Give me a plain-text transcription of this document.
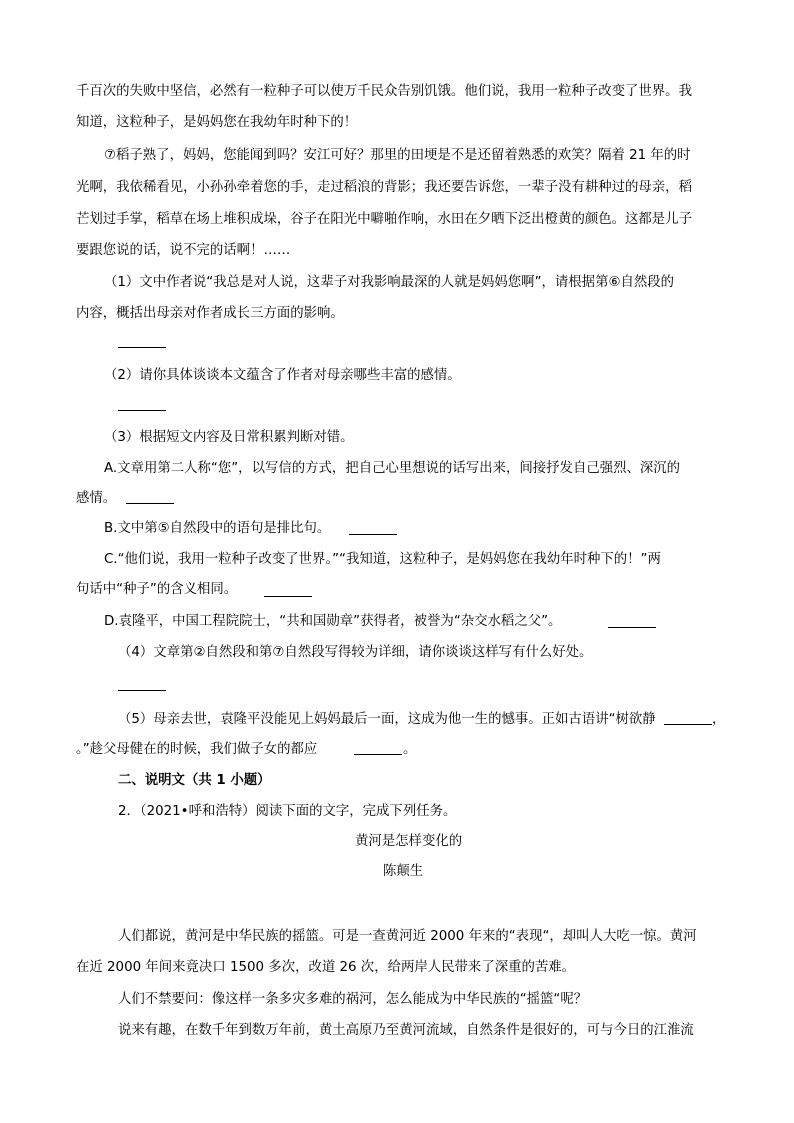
千百次的失败中坚信，必然有一粒种子可以使万千民众告别饥饿。他们说，我用一粒种子改变了世界。我
知道，这粒种子，是妈妈您在我幼年时种下的！
⑦稻子熟了，妈妈，您能闻到吗？安江可好？那里的田埂是不是还留着熟悉的欢笑？隔着 21 年的时
光啊，我依稀看见，小孙孙牵着您的手，走过稻浪的背影；我还要告诉您，一辈子没有耕种过的母亲，稻
芒划过手掌，稻草在场上堆积成垛，谷子在阳光中噼啪作响，水田在夕晒下泛出橙黄的颜色。这都是儿子
要跟您说的话，说不完的话啊！……
（1）文中作者说“我总是对人说，这辈子对我影响最深的人就是妈妈您啊”，请根据第⑥自然段的
内容，概括出母亲对作者成长三方面的影响。
（2）请你具体谈谈本文蕴含了作者对母亲哪些丰富的感情。
（3）根据短文内容及日常积累判断对错。
A.文章用第二人称“您”，以写信的方式，把自己心里想说的话写出来，间接抒发自己强烈、深沉的
感情。
B.文中第⑤自然段中的语句是排比句。
C.“他们说，我用一粒种子改变了世界。”“我知道，这粒种子，是妈妈您在我幼年时种下的！”两
句话中“种子”的含义相同。
D.袁隆平，中国工程院院士，“共和国勋章”获得者，被誉为“杂交水稻之父”。
（4）文章第②自然段和第⑦自然段写得较为详细，请你谈谈这样写有什么好处。
（5）母亲去世，袁隆平没能见上妈妈最后一面，这成为他一生的憾事。正如古语讲“树欲静	，
。”趁父母健在的时候，我们做子女的都应	。
二、说明文（共 1 小题）
2．（2021•呼和浩特）阅读下面的文字，完成下列任务。
黄河是怎样变化的
陈颠生
人们都说，黄河是中华民族的摇篮。可是一查黄河近 2000 年来的“表现“，却叫人大吃一惊。黄河
在近 2000 年间来竟决口 1500 多次，改道 26 次，给两岸人民带来了深重的苦难。
人们不禁要问：像这样一条多灾多难的祸河，怎么能成为中华民族的“摇篮“呢？
说来有趣，在数千年到数万年前，黄土高原乃至黄河流域，自然条件是很好的，可与今日的江淮流
